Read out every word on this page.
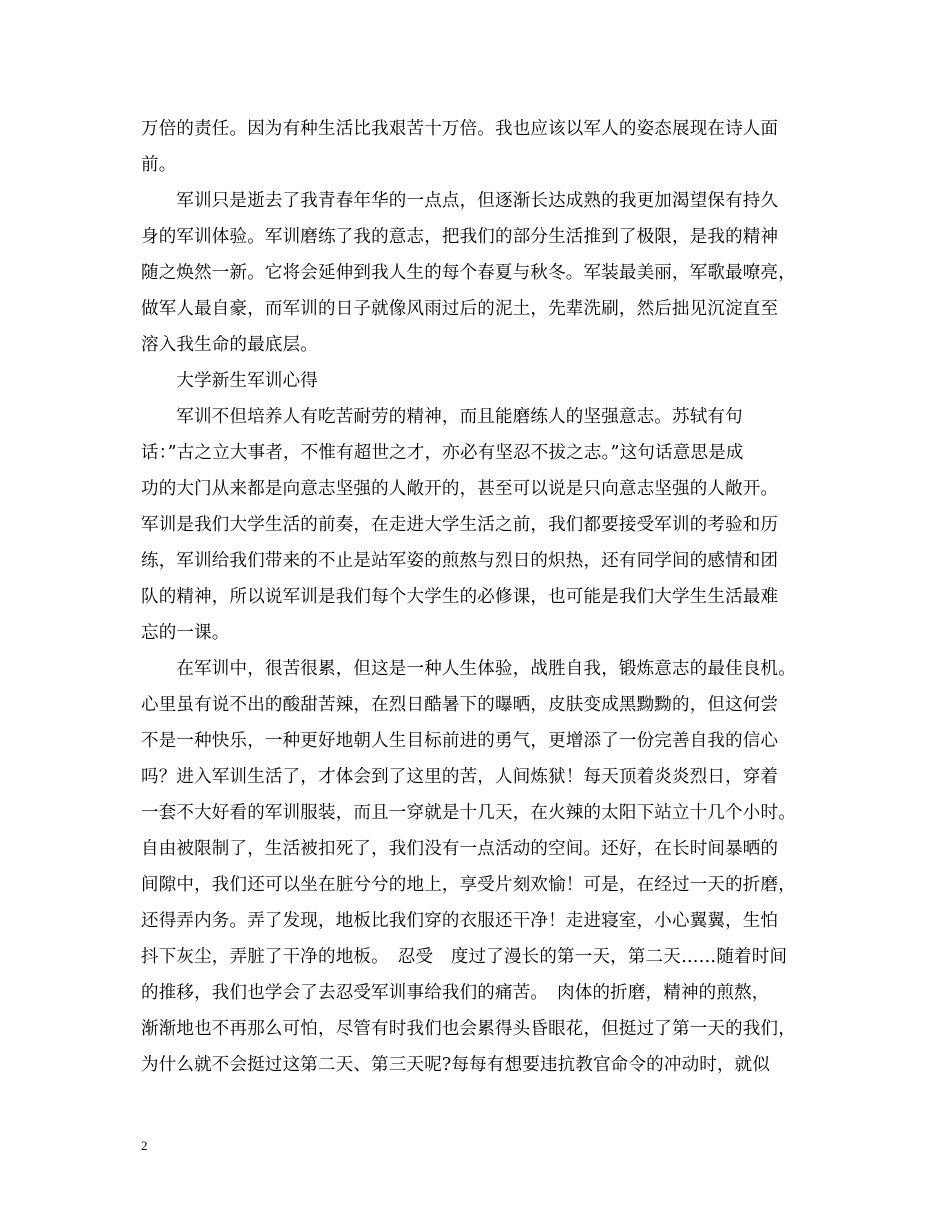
万倍的责任。因为有种生活比我艰苦十万倍。我也应该以军人的姿态展现在诗人面
前。
　　军训只是逝去了我青春年华的一点点，但逐渐长达成熟的我更加渴望保有持久
身的军训体验。军训磨练了我的意志，把我们的部分生活推到了极限，是我的精神
随之焕然一新。它将会延伸到我人生的每个春夏与秋冬。军装最美丽，军歌最嘹亮，
做军人最自豪，而军训的日子就像风雨过后的泥土，先辈洗刷，然后拙见沉淀直至
溶入我生命的最底层。
　　大学新生军训心得
　　军训不但培养人有吃苦耐劳的精神，而且能磨练人的坚强意志。苏轼有句
话：”古之立大事者，不惟有超世之才，亦必有坚忍不拔之志。”这句话意思是成
功的大门从来都是向意志坚强的人敞开的，甚至可以说是只向意志坚强的人敞开。
军训是我们大学生活的前奏，在走进大学生活之前，我们都要接受军训的考验和历
练，军训给我们带来的不止是站军姿的煎熬与烈日的炽热，还有同学间的感情和团
队的精神，所以说军训是我们每个大学生的必修课，也可能是我们大学生生活最难
忘的一课。
　　在军训中，很苦很累，但这是一种人生体验，战胜自我，锻炼意志的最佳良机。
心里虽有说不出的酸甜苦辣，在烈日酷暑下的曝晒，皮肤变成黑黝黝的，但这何尝
不是一种快乐，一种更好地朝人生目标前进的勇气，更增添了一份完善自我的信心
吗？进入军训生活了，才体会到了这里的苦，人间炼狱！每天顶着炎炎烈日，穿着
一套不大好看的军训服装，而且一穿就是十几天，在火辣的太阳下站立十几个小时。
自由被限制了，生活被扣死了，我们没有一点活动的空间。还好，在长时间暴晒的
间隙中，我们还可以坐在脏兮兮的地上，享受片刻欢愉！可是，在经过一天的折磨，
还得弄内务。弄了发现，地板比我们穿的衣服还干净！走进寝室，小心翼翼，生怕
抖下灰尘，弄脏了干净的地板。　忍受　度过了漫长的第一天，第二天……随着时间
的推移，我们也学会了去忍受军训事给我们的痛苦。　肉体的折磨，精神的煎熬，
渐渐地也不再那么可怕，尽管有时我们也会累得头昏眼花，但挺过了第一天的我们，
为什么就不会挺过这第二天、第三天呢?每每有想要违抗教官命令的冲动时，就似
2
